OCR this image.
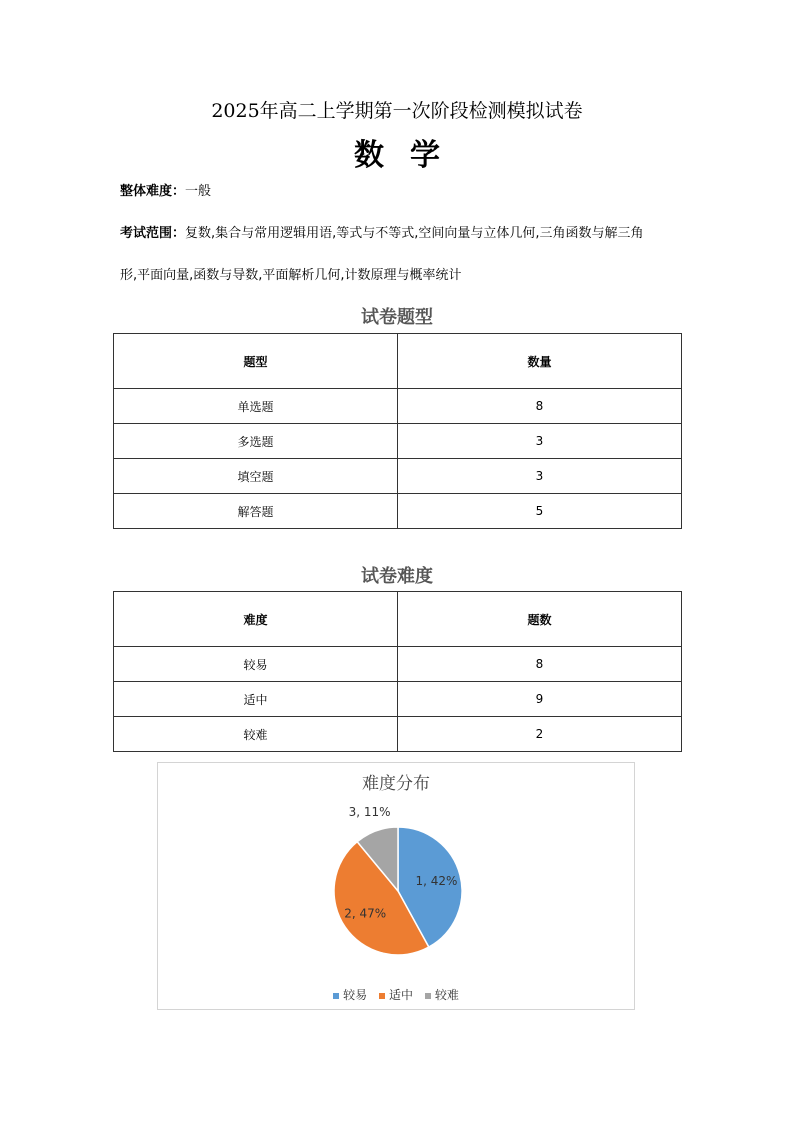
2025年高二上学期第一次阶段检测模拟试卷
数学
整体难度：一般
考试范围：复数,集合与常用逻辑用语,等式与不等式,空间向量与立体几何,三角函数与解三角
形,平面向量,函数与导数,平面解析几何,计数原理与概率统计
试卷题型
题型	数量
单选题	8
多选题	3
填空题	3
解答题	5
试卷难度
难度	题数
较易	8
适中	9
较难	2
难度分布
1, 42%
2, 47%
3, 11%
较易 适中 较难
